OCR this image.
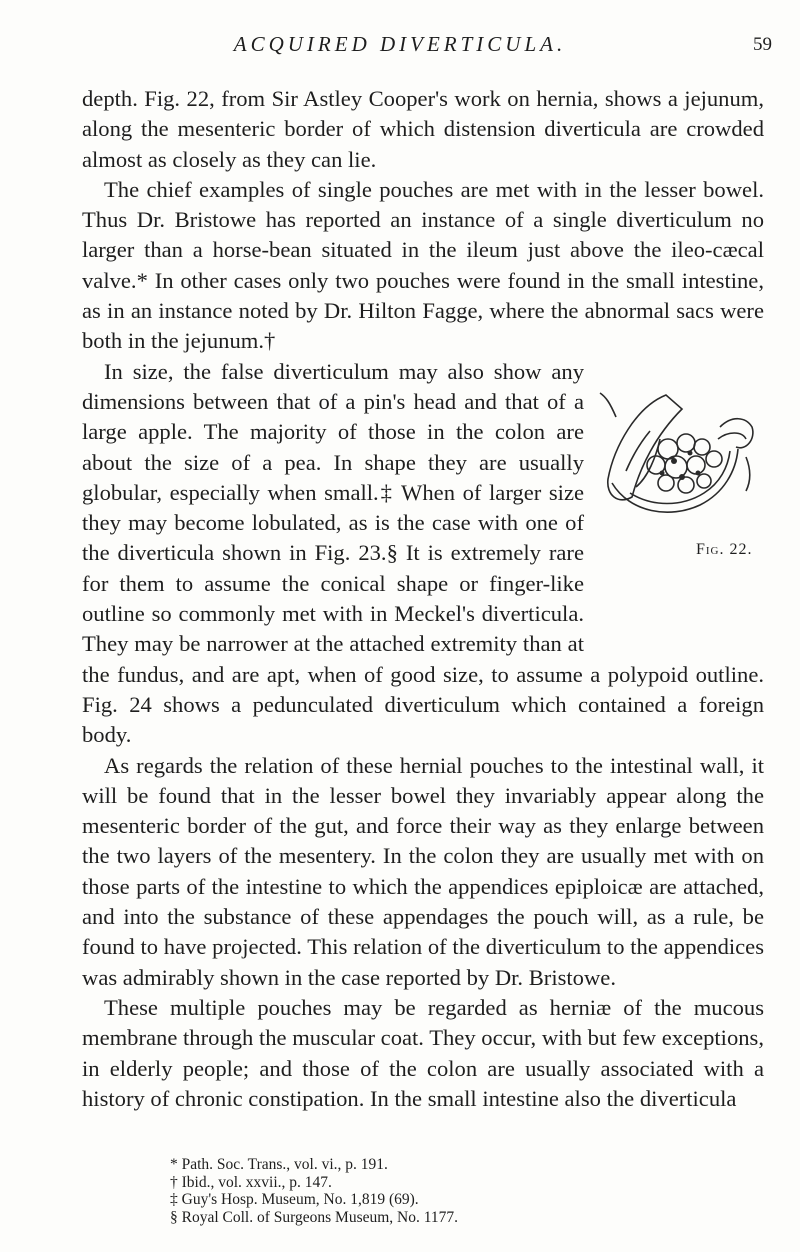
ACQUIRED DIVERTICULA.	59

depth. Fig. 22, from Sir Astley Cooper's work on hernia, shows a jejunum, along the mesenteric border of which distension diverticula are crowded almost as closely as they can lie.

The chief examples of single pouches are met with in the lesser bowel. Thus Dr. Bristowe has reported an instance of a single diverticulum no larger than a horse-bean situated in the ileum just above the ileo-cæcal valve.* In other cases only two pouches were found in the small intestine, as in an instance noted by Dr. Hilton Fagge, where the abnormal sacs were both in the jejunum.†

Fig. 22.

In size, the false diverticulum may also show any dimensions between that of a pin's head and that of a large apple. The majority of those in the colon are about the size of a pea. In shape they are usually globular, especially when small.‡ When of larger size they may become lobulated, as is the case with one of the diverticula shown in Fig. 23.§ It is extremely rare for them to assume the conical shape or finger-like outline so commonly met with in Meckel's diverticula. They may be narrower at the attached extremity than at the fundus, and are apt, when of good size, to assume a polypoid outline. Fig. 24 shows a pedunculated diverticulum which contained a foreign body.

As regards the relation of these hernial pouches to the intestinal wall, it will be found that in the lesser bowel they invariably appear along the mesenteric border of the gut, and force their way as they enlarge between the two layers of the mesentery. In the colon they are usually met with on those parts of the intestine to which the appendices epiploicæ are attached, and into the substance of these appendages the pouch will, as a rule, be found to have projected. This relation of the diverticulum to the appendices was admirably shown in the case reported by Dr. Bristowe.

These multiple pouches may be regarded as herniæ of the mucous membrane through the muscular coat. They occur, with but few exceptions, in elderly people; and those of the colon are usually associated with a history of chronic constipation. In the small intestine also the diverticula

* Path. Soc. Trans., vol. vi., p. 191.

† Ibid., vol. xxvii., p. 147.

‡ Guy's Hosp. Museum, No. 1,819 (69).

§ Royal Coll. of Surgeons Museum, No. 1177.
